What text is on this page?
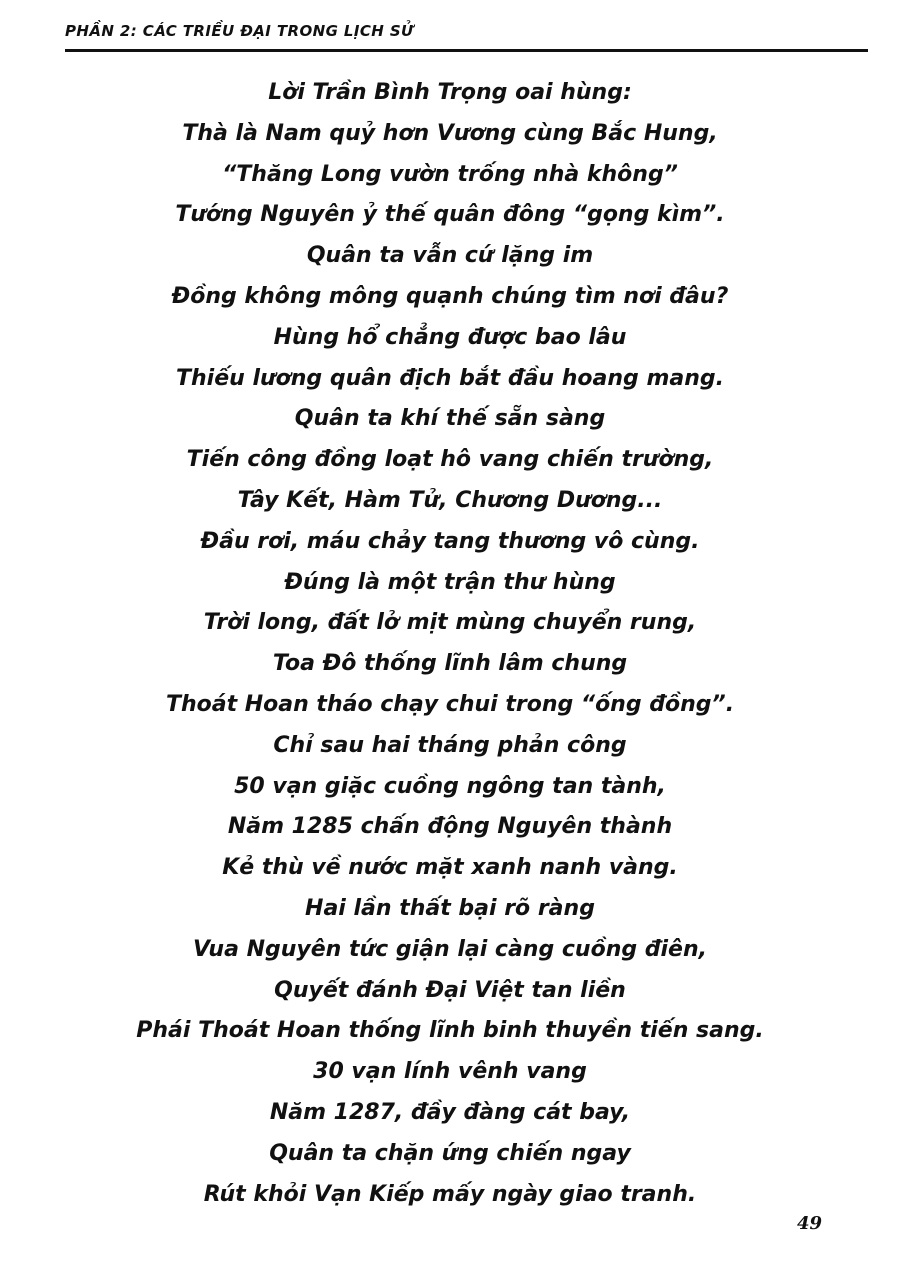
PHẦN 2: CÁC TRIỀU ĐẠI TRONG LỊCH SỬ
Lời Trần Bình Trọng oai hùng:
Thà là Nam quỷ hơn Vương cùng Bắc Hung,
“Thăng Long vườn trống nhà không”
Tướng Nguyên ỷ thế quân đông “gọng kìm”.
Quân ta vẫn cứ lặng im
Đồng không mông quạnh chúng tìm nơi đâu?
Hùng hổ chẳng được bao lâu
Thiếu lương quân địch bắt đầu hoang mang.
Quân ta khí thế sẵn sàng
Tiến công đồng loạt hô vang chiến trường,
Tây Kết, Hàm Tử, Chương Dương...
Đầu rơi, máu chảy tang thương vô cùng.
Đúng là một trận thư hùng
Trời long, đất lở mịt mùng chuyển rung,
Toa Đô thống lĩnh lâm chung
Thoát Hoan tháo chạy chui trong “ống đồng”.
Chỉ sau hai tháng phản công
50 vạn giặc cuồng ngông tan tành,
Năm 1285 chấn động Nguyên thành
Kẻ thù về nước mặt xanh nanh vàng.
Hai lần thất bại rõ ràng
Vua Nguyên tức giận lại càng cuồng điên,
Quyết đánh Đại Việt tan liền
Phái Thoát Hoan thống lĩnh binh thuyền tiến sang.
30 vạn lính vênh vang
Năm 1287, đầy đàng cát bay,
Quân ta chặn ứng chiến ngay
Rút khỏi Vạn Kiếp mấy ngày giao tranh.
49
